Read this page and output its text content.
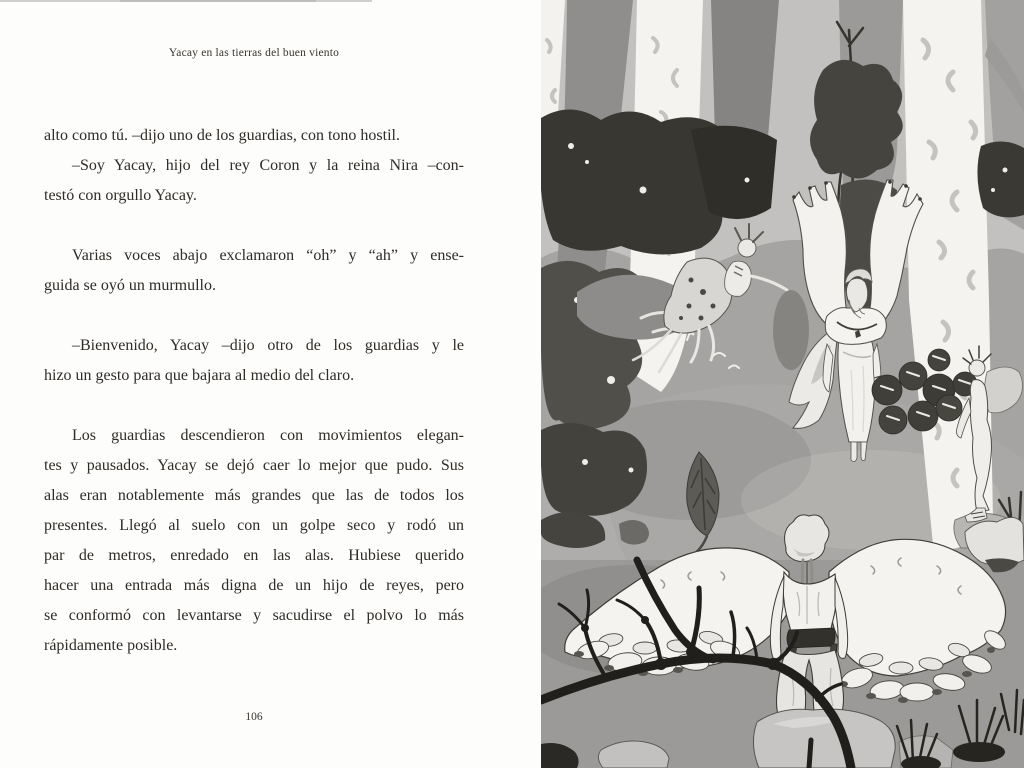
Yacay en las tierras del buen viento
alto como tú. –dijo uno de los guardias, con tono hostil.
–Soy Yacay, hijo del rey Coron y la reina Nira –con-
testó con orgullo Yacay.
Varias voces abajo exclamaron “oh” y “ah” y ense-
guida se oyó un murmullo.
–Bienvenido, Yacay –dijo otro de los guardias y le
hizo un gesto para que bajara al medio del claro.
Los guardias descendieron con movimientos elegan-
tes y pausados. Yacay se dejó caer lo mejor que pudo. Sus
alas eran notablemente más grandes que las de todos los
presentes. Llegó al suelo con un golpe seco y rodó un
par de metros, enredado en las alas. Hubiese querido
hacer una entrada más digna de un hijo de reyes, pero
se conformó con levantarse y sacudirse el polvo lo más
rápidamente posible.
106
